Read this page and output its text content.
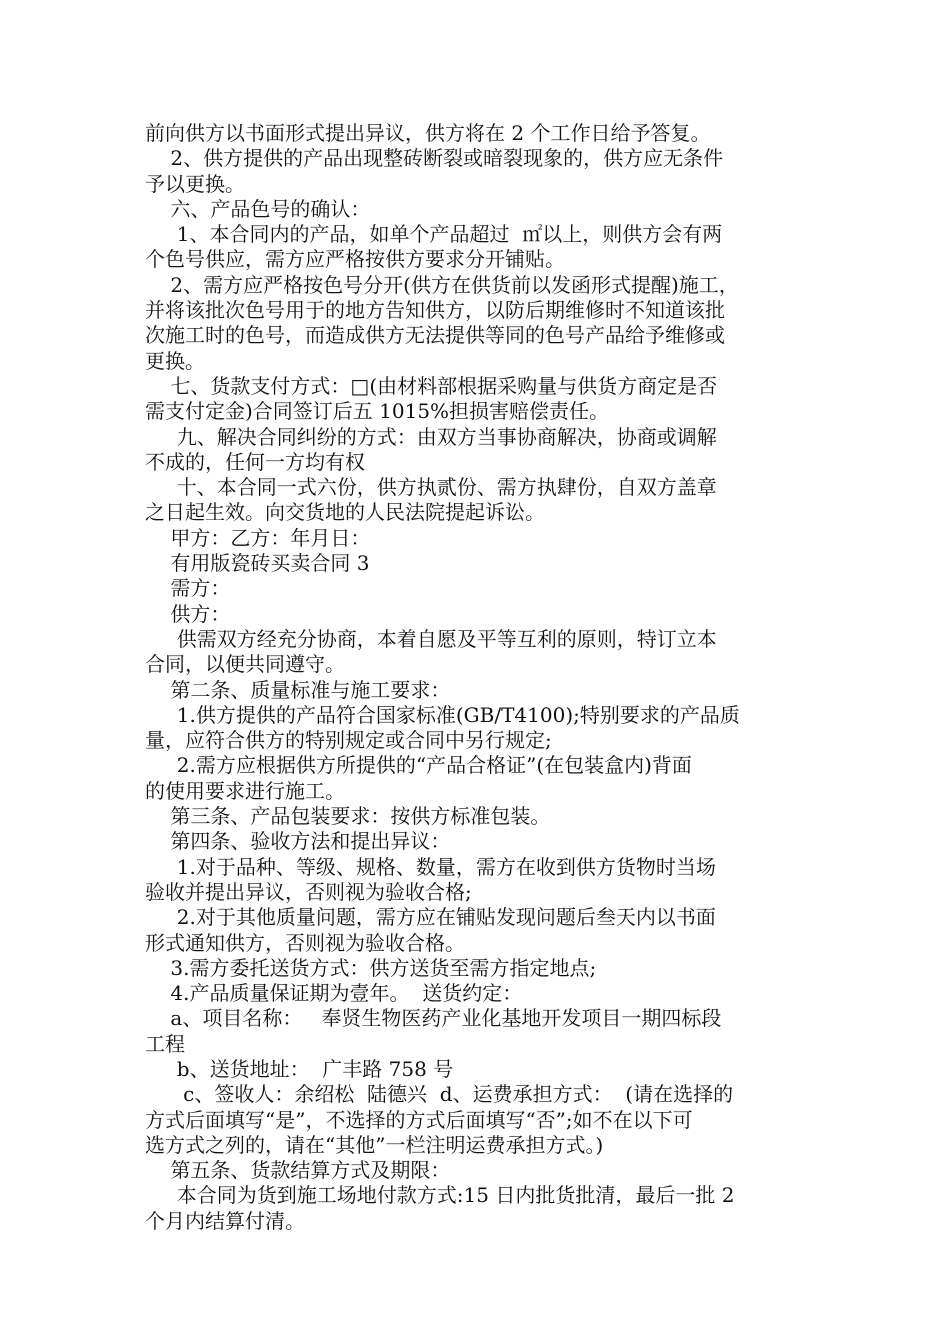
前向供方以书面形式提出异议，供方将在 2 个工作日给予答复。
2、供方提供的产品出现整砖断裂或暗裂现象的，供方应无条件
予以更换。
六、产品色号的确认：
1、本合同内的产品，如单个产品超过  ㎡以上，则供方会有两
个色号供应，需方应严格按供方要求分开铺贴。
2、需方应严格按色号分开(供方在供货前以发函形式提醒)施工，
并将该批次色号用于的地方告知供方，以防后期维修时不知道该批
次施工时的色号，而造成供方无法提供等同的色号产品给予维修或
更换。
七、货款支付方式：□(由材料部根据采购量与供货方商定是否
需支付定金)合同签订后五 1015%担损害赔偿责任。
九、解决合同纠纷的方式：由双方当事协商解决，协商或调解
不成的，任何一方均有权
十、本合同一式六份，供方执贰份、需方执肆份，自双方盖章
之日起生效。向交货地的人民法院提起诉讼。
甲方：乙方：年月日：
有用版瓷砖买卖合同 3
需方：
供方：
供需双方经充分协商，本着自愿及平等互利的原则，特订立本
合同，以便共同遵守。
第二条、质量标准与施工要求：
1.供方提供的产品符合国家标准(GB/T4100);特别要求的产品质
量，应符合供方的特别规定或合同中另行规定;
2.需方应根据供方所提供的“产品合格证”(在包装盒内)背面
的使用要求进行施工。
第三条、产品包装要求：按供方标准包装。
第四条、验收方法和提出异议：
1.对于品种、等级、规格、数量，需方在收到供方货物时当场
验收并提出异议，否则视为验收合格;
2.对于其他质量问题，需方应在铺贴发现问题后叁天内以书面
形式通知供方，否则视为验收合格。
3.需方委托送货方式：供方送货至需方指定地点;
4.产品质量保证期为壹年。  送货约定：
a、项目名称：   奉贤生物医药产业化基地开发项目一期四标段
工程
b、送货地址：  广丰路 758 号
c、签收人：余绍松  陆德兴  d、运费承担方式：  (请在选择的
方式后面填写“是”，不选择的方式后面填写“否”;如不在以下可
选方式之列的，请在“其他”一栏注明运费承担方式。)
第五条、货款结算方式及期限：
本合同为货到施工场地付款方式:15 日内批货批清，最后一批 2
个月内结算付清。
